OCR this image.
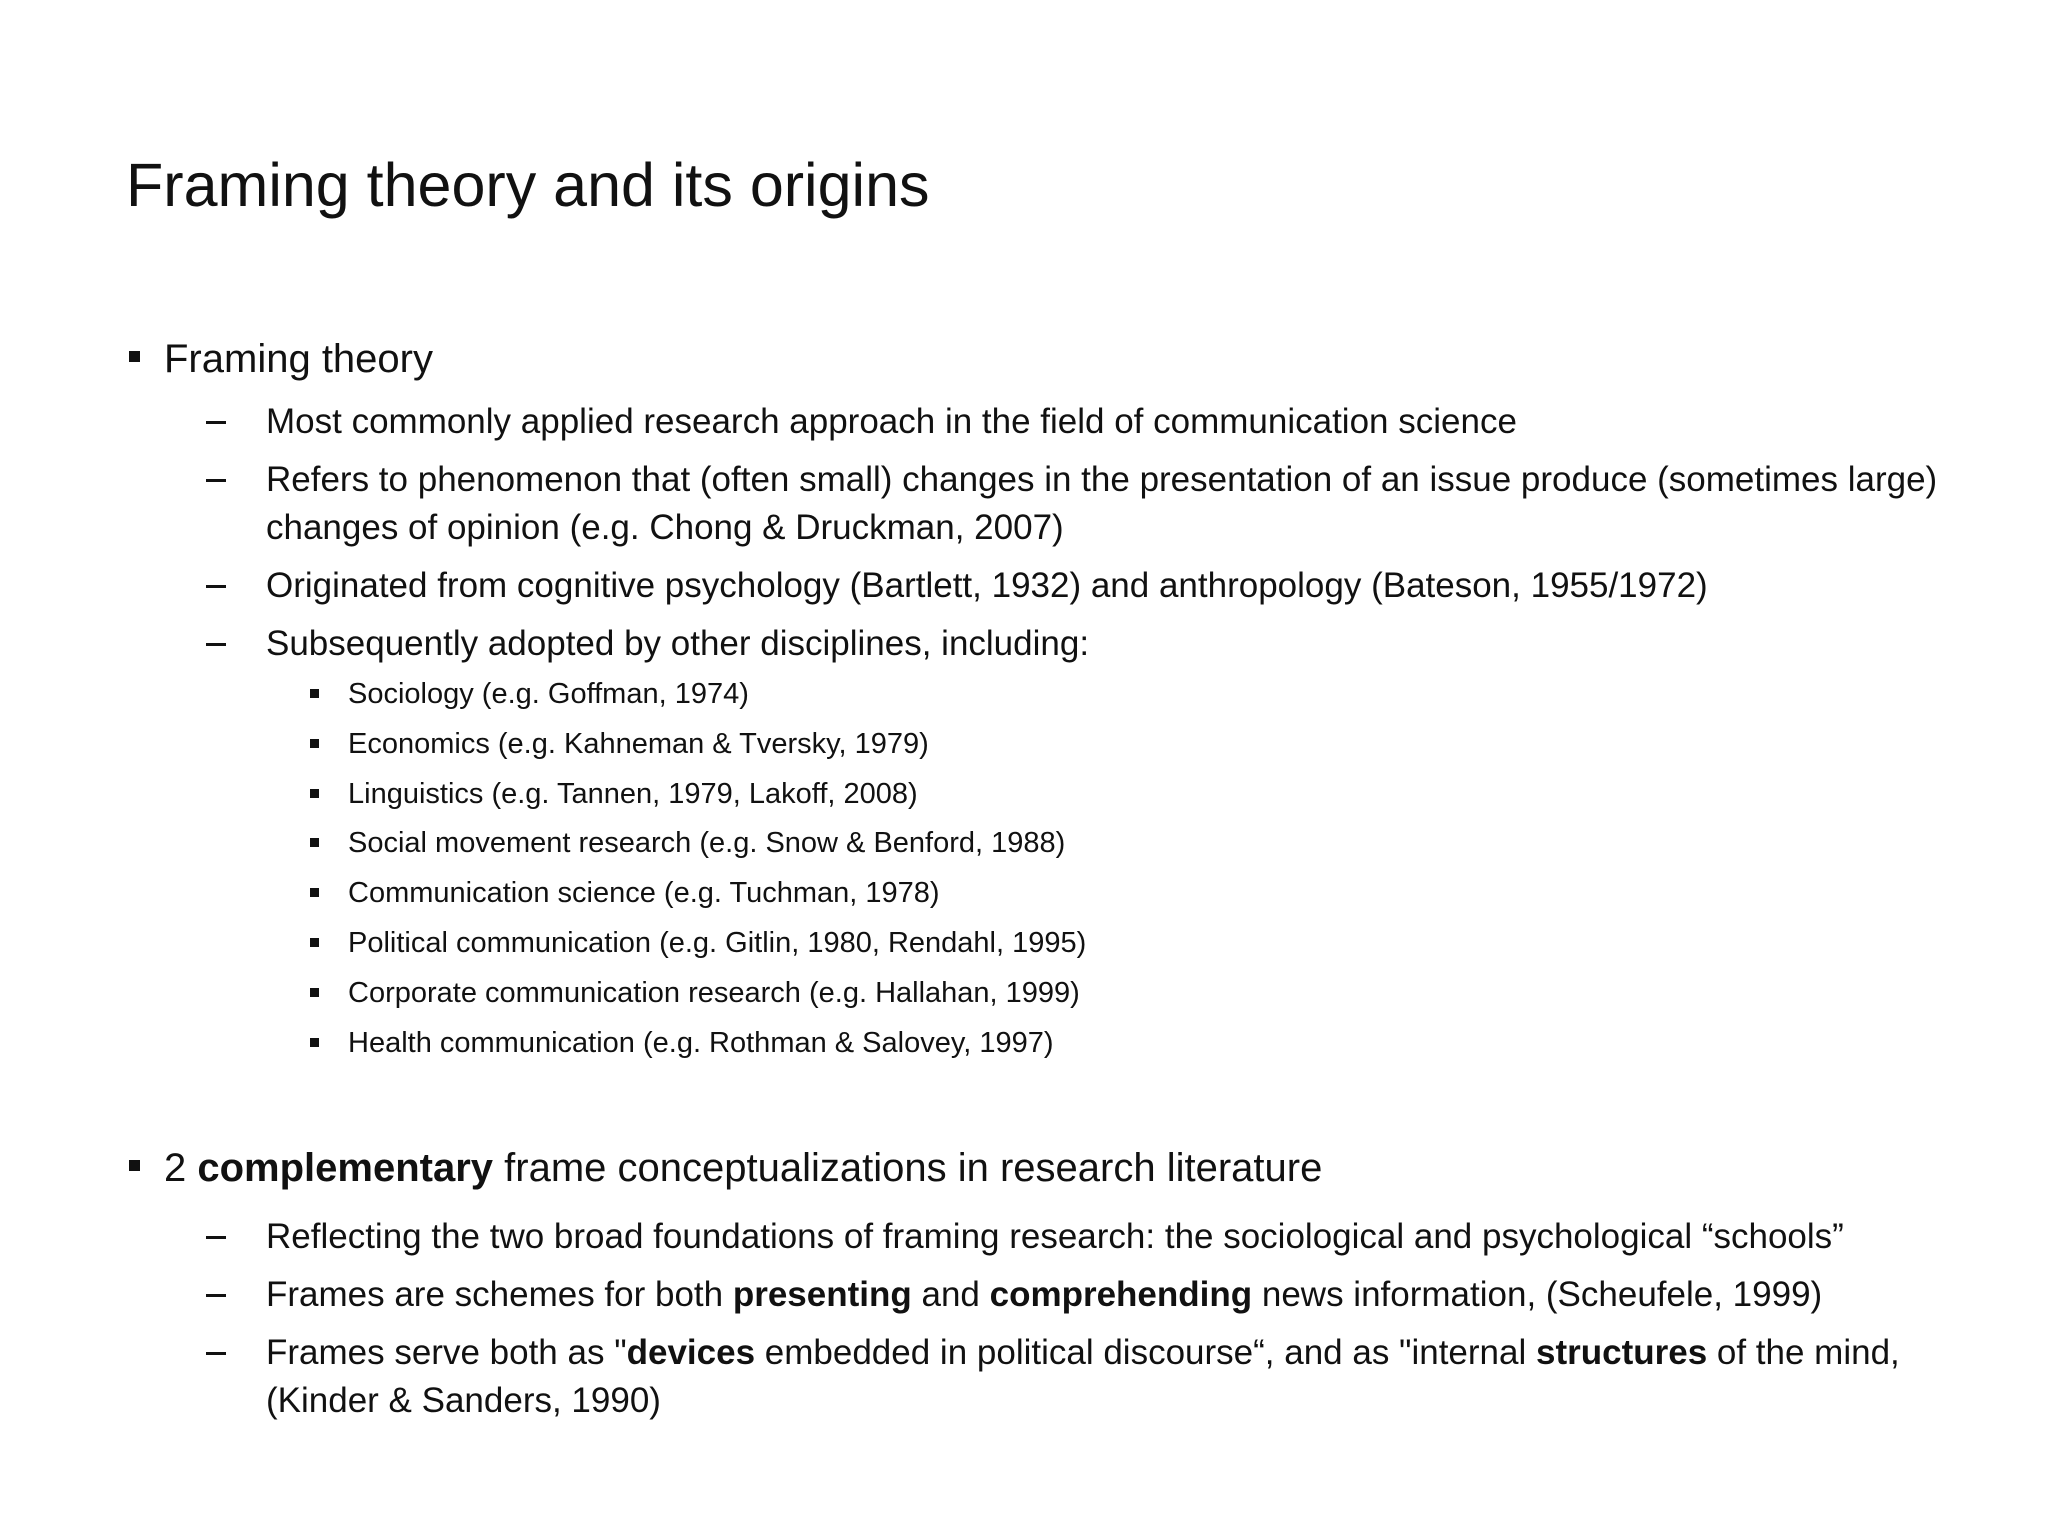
Framing theory and its origins

Framing theory

Most commonly applied research approach in the field of communication science

Refers to phenomenon that (often small) changes in the presentation of an issue produce (sometimes large) changes of opinion (e.g. Chong & Druckman, 2007)

Originated from cognitive psychology (Bartlett, 1932) and anthropology (Bateson, 1955/1972)

Subsequently adopted by other disciplines, including:

Sociology (e.g. Goffman, 1974)

Economics (e.g. Kahneman & Tversky, 1979)

Linguistics (e.g. Tannen, 1979, Lakoff, 2008)

Social movement research (e.g. Snow & Benford, 1988)

Communication science (e.g. Tuchman, 1978)

Political communication (e.g. Gitlin, 1980, Rendahl, 1995)

Corporate communication research (e.g. Hallahan, 1999)

Health communication (e.g. Rothman & Salovey, 1997)

2 complementary frame conceptualizations in research literature

Reflecting the two broad foundations of framing research: the sociological and psychological “schools”

Frames are schemes for both presenting and comprehending news information, (Scheufele, 1999)

Frames serve both as "devices embedded in political discourse“, and as "internal structures of the mind, (Kinder & Sanders, 1990)
